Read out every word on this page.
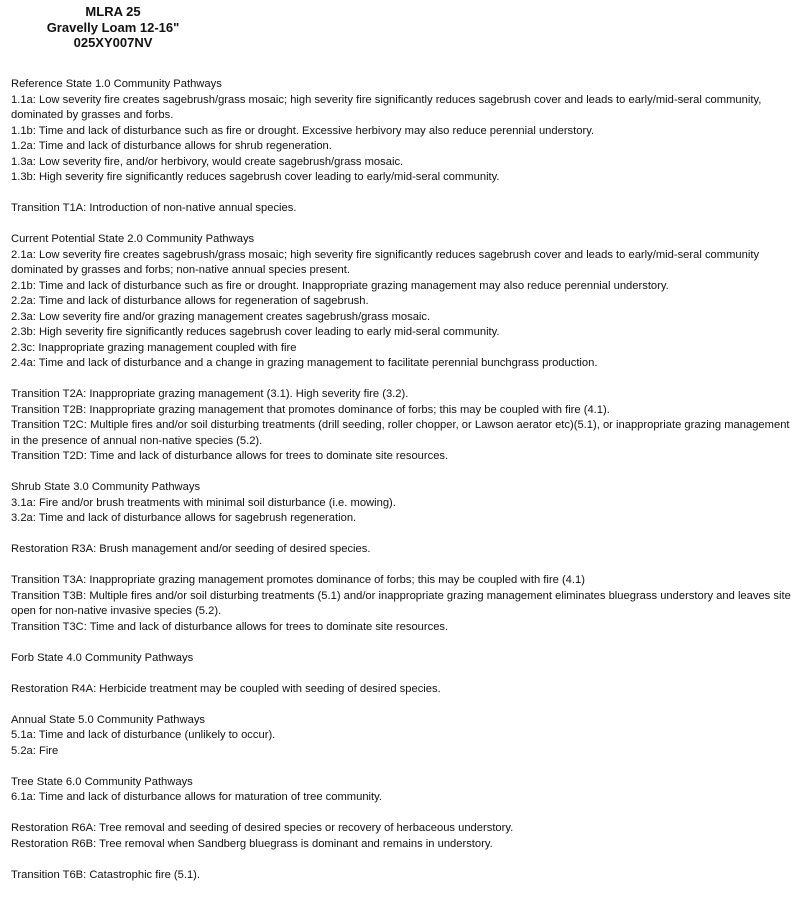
MLRA 25
Gravelly Loam 12-16"
025XY007NV
Reference State 1.0 Community Pathways
1.1a: Low severity fire creates sagebrush/grass mosaic; high severity fire significantly reduces sagebrush cover and leads to early/mid-seral community, dominated by grasses and forbs.
1.1b: Time and lack of disturbance such as fire or drought. Excessive herbivory may also reduce perennial understory.
1.2a: Time and lack of disturbance allows for shrub regeneration.
1.3a: Low severity fire, and/or herbivory, would create sagebrush/grass mosaic.
1.3b: High severity fire significantly reduces sagebrush cover leading to early/mid-seral community.
Transition T1A: Introduction of non-native annual species.
Current Potential State 2.0 Community Pathways
2.1a: Low severity fire creates sagebrush/grass mosaic; high severity fire significantly reduces sagebrush cover and leads to early/mid-seral community dominated by grasses and forbs; non-native annual species present.
2.1b: Time and lack of disturbance such as fire or drought. Inappropriate grazing management may also reduce perennial understory.
2.2a: Time and lack of disturbance allows for regeneration of sagebrush.
2.3a: Low severity fire and/or grazing management creates sagebrush/grass mosaic.
2.3b: High severity fire significantly reduces sagebrush cover leading to early mid-seral community.
2.3c: Inappropriate grazing management coupled with fire
2.4a: Time and lack of disturbance and a change in grazing management to facilitate perennial bunchgrass production.
Transition T2A: Inappropriate grazing management (3.1). High severity fire (3.2).
Transition T2B: Inappropriate grazing management that promotes dominance of forbs; this may be coupled with fire (4.1).
Transition T2C: Multiple fires and/or soil disturbing treatments (drill seeding, roller chopper, or Lawson aerator etc)(5.1), or inappropriate grazing management in the presence of annual non-native species (5.2).
Transition T2D: Time and lack of disturbance allows for trees to dominate site resources.
Shrub State 3.0 Community Pathways
3.1a: Fire and/or brush treatments with minimal soil disturbance (i.e. mowing).
3.2a: Time and lack of disturbance allows for sagebrush regeneration.
Restoration R3A: Brush management and/or seeding of desired species.
Transition T3A: Inappropriate grazing management promotes dominance of forbs; this may be coupled with fire (4.1)
Transition T3B: Multiple fires and/or soil disturbing treatments (5.1) and/or inappropriate grazing management eliminates bluegrass understory and leaves site open for non-native invasive species (5.2).
Transition T3C: Time and lack of disturbance allows for trees to dominate site resources.
Forb State 4.0 Community Pathways
Restoration R4A: Herbicide treatment may be coupled with seeding of desired species.
Annual State 5.0 Community Pathways
5.1a: Time and lack of disturbance (unlikely to occur).
5.2a: Fire
Tree State 6.0 Community Pathways
6.1a: Time and lack of disturbance allows for maturation of tree community.
Restoration R6A: Tree removal and seeding of desired species or recovery of herbaceous understory.
Restoration R6B: Tree removal when Sandberg bluegrass is dominant and remains in understory.
Transition T6B: Catastrophic fire (5.1).
